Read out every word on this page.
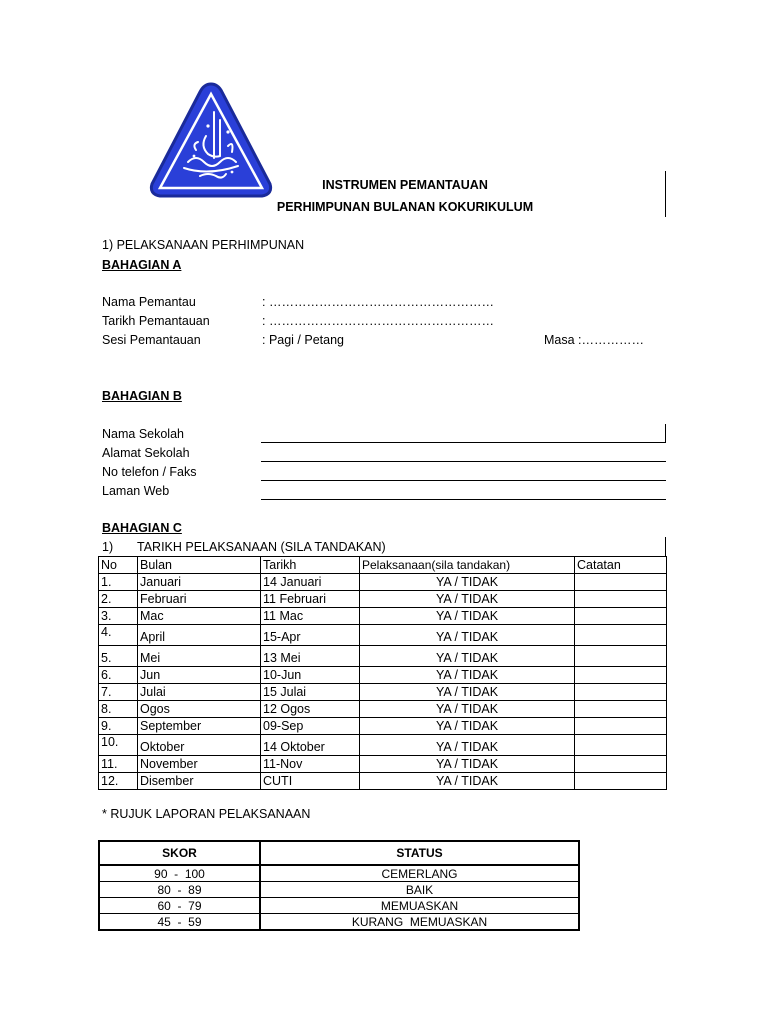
INSTRUMEN PEMANTAUAN
PERHIMPUNAN BULANAN KOKURIKULUM
1) PELAKSANAAN PERHIMPUNAN
BAHAGIAN A
Nama Pemantau	: ………………………………………………
Tarikh Pemantauan	: ………………………………………………
Sesi Pemantauan	: Pagi / Petang	Masa :……………
BAHAGIAN B
Nama Sekolah
Alamat Sekolah
No telefon / Faks
Laman Web
BAHAGIAN C
1) TARIKH PELAKSANAAN (SILA TANDAKAN)
No	Bulan	Tarikh	Pelaksanaan(sila tandakan)	Catatan
1.	Januari	14 Januari	YA / TIDAK	
2.	Februari	11 Februari	YA / TIDAK	
3.	Mac	11 Mac	YA / TIDAK	
4.	April	15-Apr	YA / TIDAK	
5.	Mei	13 Mei	YA / TIDAK	
6.	Jun	10-Jun	YA / TIDAK	
7.	Julai	15 Julai	YA / TIDAK	
8.	Ogos	12 Ogos	YA / TIDAK	
9.	September	09-Sep	YA / TIDAK	
10.	Oktober	14 Oktober	YA / TIDAK	
11.	November	11-Nov	YA / TIDAK	
12.	Disember	CUTI	YA / TIDAK	
* RUJUK LAPORAN PELAKSANAAN
SKOR	STATUS
90  -  100	CEMERLANG
80  -  89	BAIK
60  -  79	MEMUASKAN
45  -  59	KURANG  MEMUASKAN
